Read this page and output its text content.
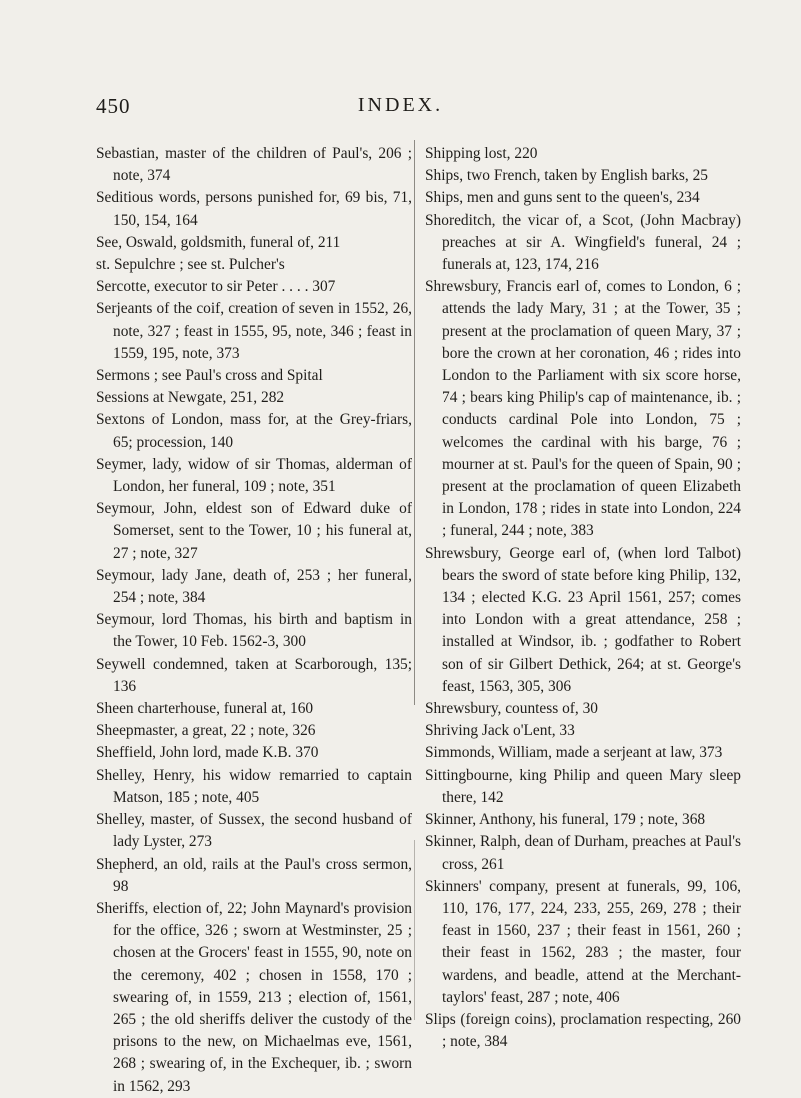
450	INDEX.

Sebastian, master of the children of Paul's, 206 ; note, 374

Seditious words, persons punished for, 69 bis, 71, 150, 154, 164

See, Oswald, goldsmith, funeral of, 211

st. Sepulchre ; see st. Pulcher's

Sercotte, executor to sir Peter . . . . 307

Serjeants of the coif, creation of seven in 1552, 26, note, 327 ; feast in 1555, 95, note, 346 ; feast in 1559, 195, note, 373

Sermons ; see Paul's cross and Spital

Sessions at Newgate, 251, 282

Sextons of London, mass for, at the Grey-friars, 65; procession, 140

Seymer, lady, widow of sir Thomas, alderman of London, her funeral, 109 ; note, 351

Seymour, John, eldest son of Edward duke of Somerset, sent to the Tower, 10 ; his funeral at, 27 ; note, 327

Seymour, lady Jane, death of, 253 ; her funeral, 254 ; note, 384

Seymour, lord Thomas, his birth and baptism in the Tower, 10 Feb. 1562-3, 300

Seywell condemned, taken at Scarborough, 135; 136

Sheen charterhouse, funeral at, 160

Sheepmaster, a great, 22 ; note, 326

Sheffield, John lord, made K.B. 370

Shelley, Henry, his widow remarried to captain Matson, 185 ; note, 405

Shelley, master, of Sussex, the second husband of lady Lyster, 273

Shepherd, an old, rails at the Paul's cross sermon, 98

Sheriffs, election of, 22; John Maynard's provision for the office, 326 ; sworn at Westminster, 25 ; chosen at the Grocers' feast in 1555, 90, note on the ceremony, 402 ; chosen in 1558, 170 ; swearing of, in 1559, 213 ; election of, 1561, 265 ; the old sheriffs deliver the custody of the prisons to the new, on Michaelmas eve, 1561, 268 ; swearing of, in the Exchequer, ib. ; sworn in 1562, 293

Shipping lost, 220

Ships, two French, taken by English barks, 25

Ships, men and guns sent to the queen's, 234

Shoreditch, the vicar of, a Scot, (John Macbray) preaches at sir A. Wingfield's funeral, 24 ; funerals at, 123, 174, 216

Shrewsbury, Francis earl of, comes to London, 6 ; attends the lady Mary, 31 ; at the Tower, 35 ; present at the proclamation of queen Mary, 37 ; bore the crown at her coronation, 46 ; rides into London to the Parliament with six score horse, 74 ; bears king Philip's cap of maintenance, ib. ; conducts cardinal Pole into London, 75 ; welcomes the cardinal with his barge, 76 ; mourner at st. Paul's for the queen of Spain, 90 ; present at the proclamation of queen Elizabeth in London, 178 ; rides in state into London, 224 ; funeral, 244 ; note, 383

Shrewsbury, George earl of, (when lord Talbot) bears the sword of state before king Philip, 132, 134 ; elected K.G. 23 April 1561, 257; comes into London with a great attendance, 258 ; installed at Windsor, ib. ; godfather to Robert son of sir Gilbert Dethick, 264; at st. George's feast, 1563, 305, 306

Shrewsbury, countess of, 30

Shriving Jack o'Lent, 33

Simmonds, William, made a serjeant at law, 373

Sittingbourne, king Philip and queen Mary sleep there, 142

Skinner, Anthony, his funeral, 179 ; note, 368

Skinner, Ralph, dean of Durham, preaches at Paul's cross, 261

Skinners' company, present at funerals, 99, 106, 110, 176, 177, 224, 233, 255, 269, 278 ; their feast in 1560, 237 ; their feast in 1561, 260 ; their feast in 1562, 283 ; the master, four wardens, and beadle, attend at the Merchant-taylors' feast, 287 ; note, 406

Slips (foreign coins), proclamation respecting, 260 ; note, 384
